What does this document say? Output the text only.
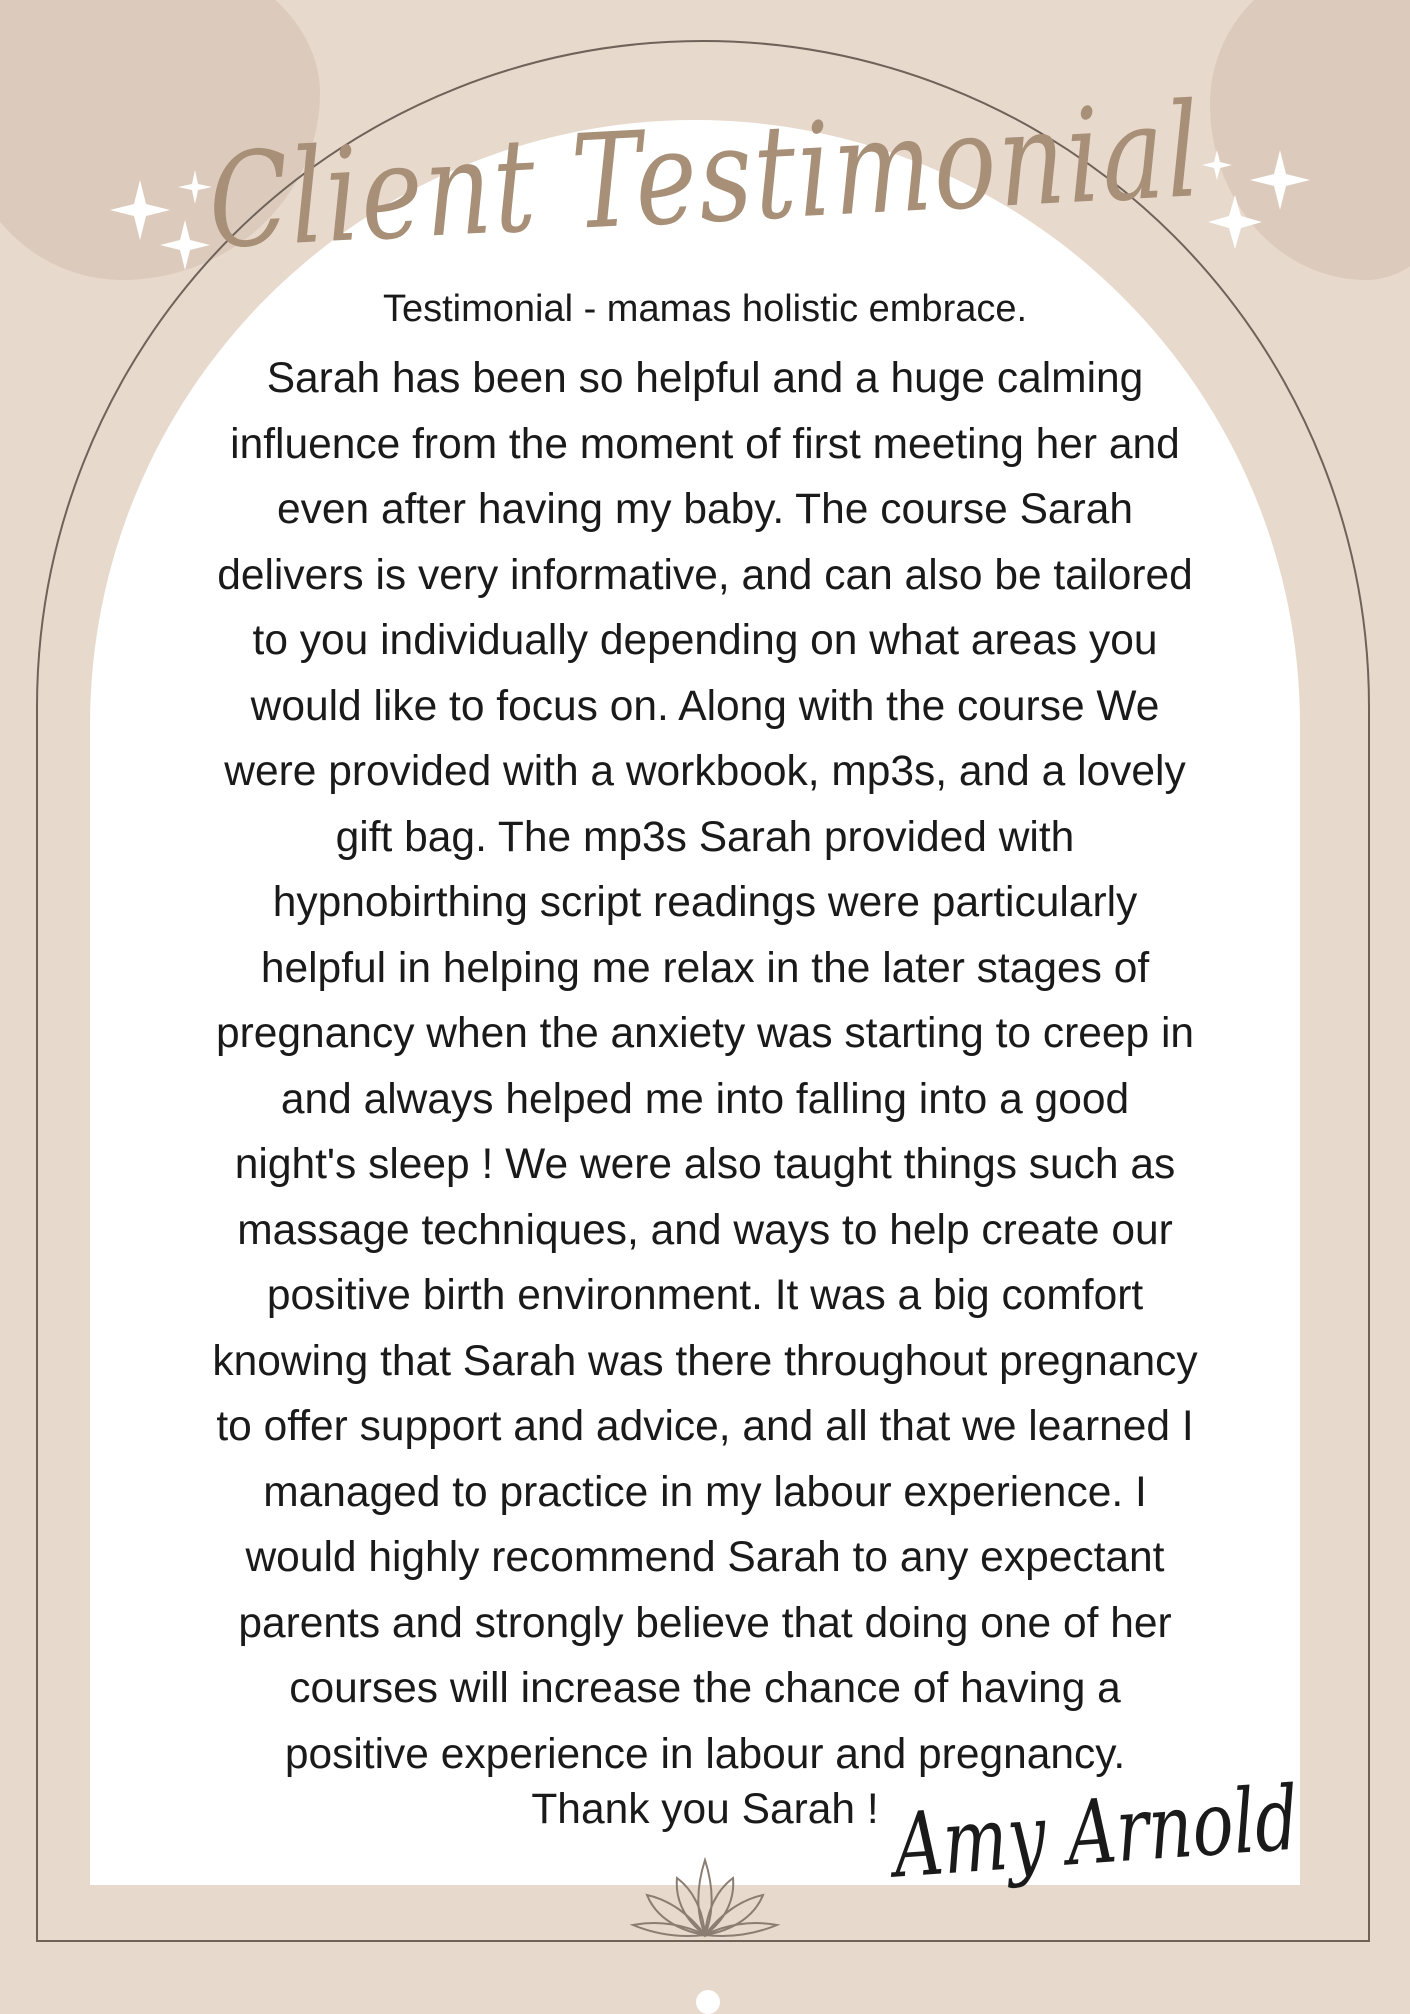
Client Testimonial
Testimonial - mamas holistic embrace.
Sarah has been so helpful and a huge calming
influence from the moment of first meeting her and
even after having my baby. The course Sarah
delivers is very informative, and can also be tailored
to you individually depending on what areas you
would like to focus on. Along with the course We
were provided with a workbook, mp3s, and a lovely
gift bag. The mp3s Sarah provided with
hypnobirthing script readings were particularly
helpful in helping me relax in the later stages of
pregnancy when the anxiety was starting to creep in
and always helped me into falling into a good
night's sleep ! We were also taught things such as
massage techniques, and ways to help create our
positive birth environment. It was a big comfort
knowing that Sarah was there throughout pregnancy
to offer support and advice, and all that we learned I
managed to practice in my labour experience. I
would highly recommend Sarah to any expectant
parents and strongly believe that doing one of her
courses will increase the chance of having a
positive experience in labour and pregnancy.
Thank you Sarah ! Amy Arnold
